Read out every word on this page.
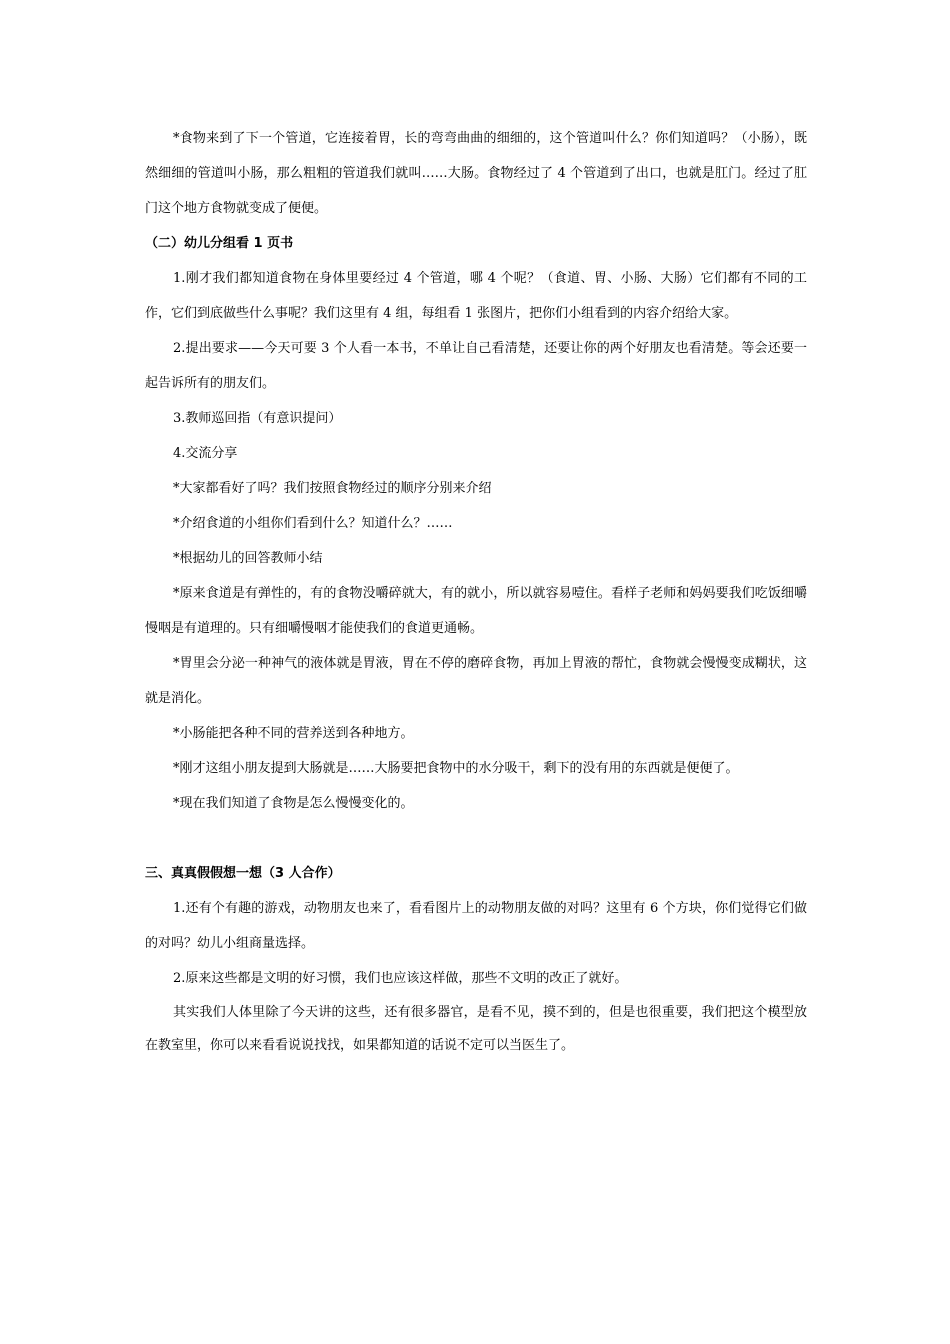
*食物来到了下一个管道，它连接着胃，长的弯弯曲曲的细细的，这个管道叫什么？你们知道吗？（小肠），既然细细的管道叫小肠，那么粗粗的管道我们就叫……大肠。食物经过了 4 个管道到了出口，也就是肛门。经过了肛门这个地方食物就变成了便便。

（二）幼儿分组看 1 页书

1.刚才我们都知道食物在身体里要经过 4 个管道，哪 4 个呢？（食道、胃、小肠、大肠）它们都有不同的工作，它们到底做些什么事呢？我们这里有 4 组，每组看 1 张图片，把你们小组看到的内容介绍给大家。

2.提出要求——今天可要 3 个人看一本书，不单让自己看清楚，还要让你的两个好朋友也看清楚。等会还要一起告诉所有的朋友们。

3.教师巡回指（有意识提问）

4.交流分享

*大家都看好了吗？我们按照食物经过的顺序分别来介绍

*介绍食道的小组你们看到什么？知道什么？……

*根据幼儿的回答教师小结

*原来食道是有弹性的，有的食物没嚼碎就大，有的就小，所以就容易噎住。看样子老师和妈妈要我们吃饭细嚼慢咽是有道理的。只有细嚼慢咽才能使我们的食道更通畅。

*胃里会分泌一种神气的液体就是胃液，胃在不停的磨碎食物，再加上胃液的帮忙，食物就会慢慢变成糊状，这就是消化。

*小肠能把各种不同的营养送到各种地方。

*刚才这组小朋友提到大肠就是……大肠要把食物中的水分吸干，剩下的没有用的东西就是便便了。

*现在我们知道了食物是怎么慢慢变化的。

三、真真假假想一想（3 人合作）

1.还有个有趣的游戏，动物朋友也来了，看看图片上的动物朋友做的对吗？这里有 6 个方块，你们觉得它们做的对吗？幼儿小组商量选择。

2.原来这些都是文明的好习惯，我们也应该这样做，那些不文明的改正了就好。

其实我们人体里除了今天讲的这些，还有很多器官，是看不见，摸不到的，但是也很重要，我们把这个模型放在教室里，你可以来看看说说找找，如果都知道的话说不定可以当医生了。
